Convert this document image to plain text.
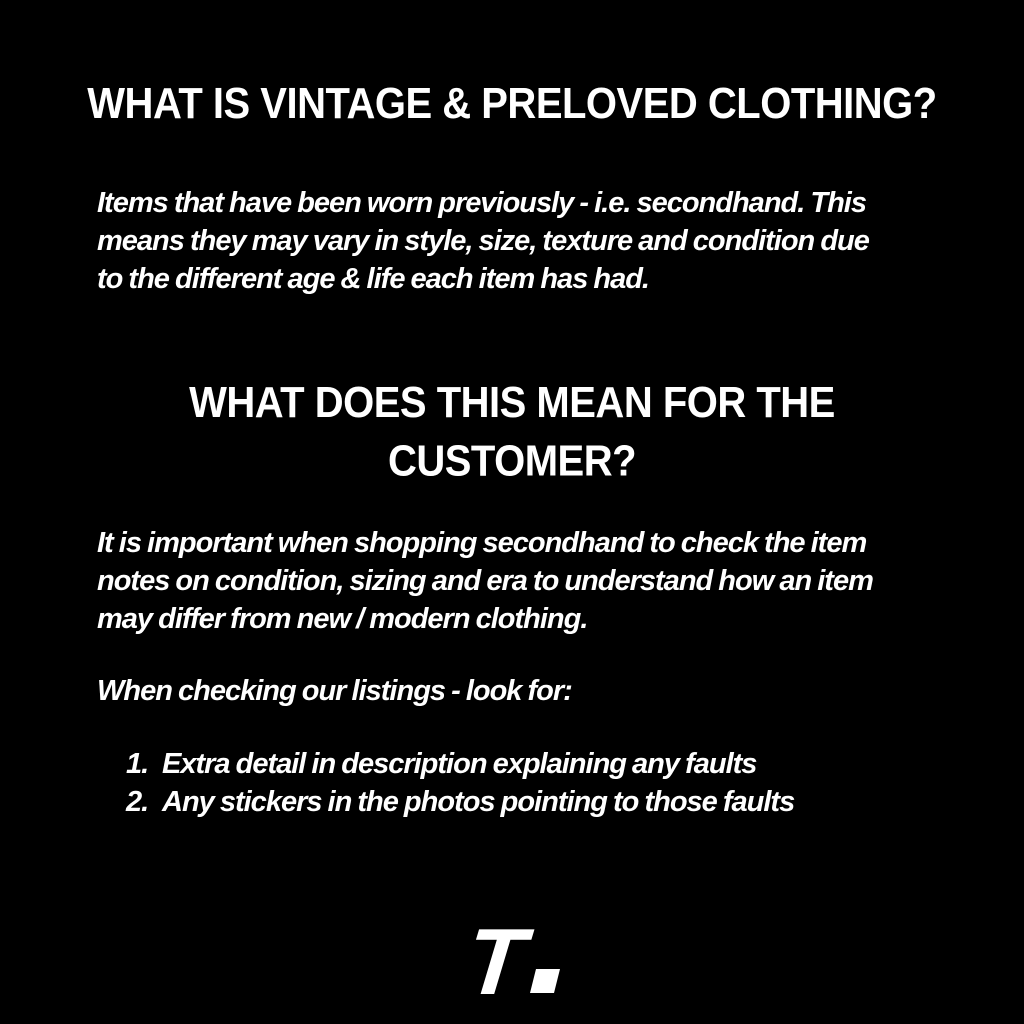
WHAT IS VINTAGE & PRELOVED CLOTHING?
Items that have been worn previously - i.e. secondhand. This
means they may vary in style, size, texture and condition due
to the different age & life each item has had.
WHAT DOES THIS MEAN FOR THE
CUSTOMER?
It is important when shopping secondhand to check the item
notes on condition, sizing and era to understand how an item
may differ from new / modern clothing.
When checking our listings - look for:
1. Extra detail in description explaining any faults
2. Any stickers in the photos pointing to those faults
T
